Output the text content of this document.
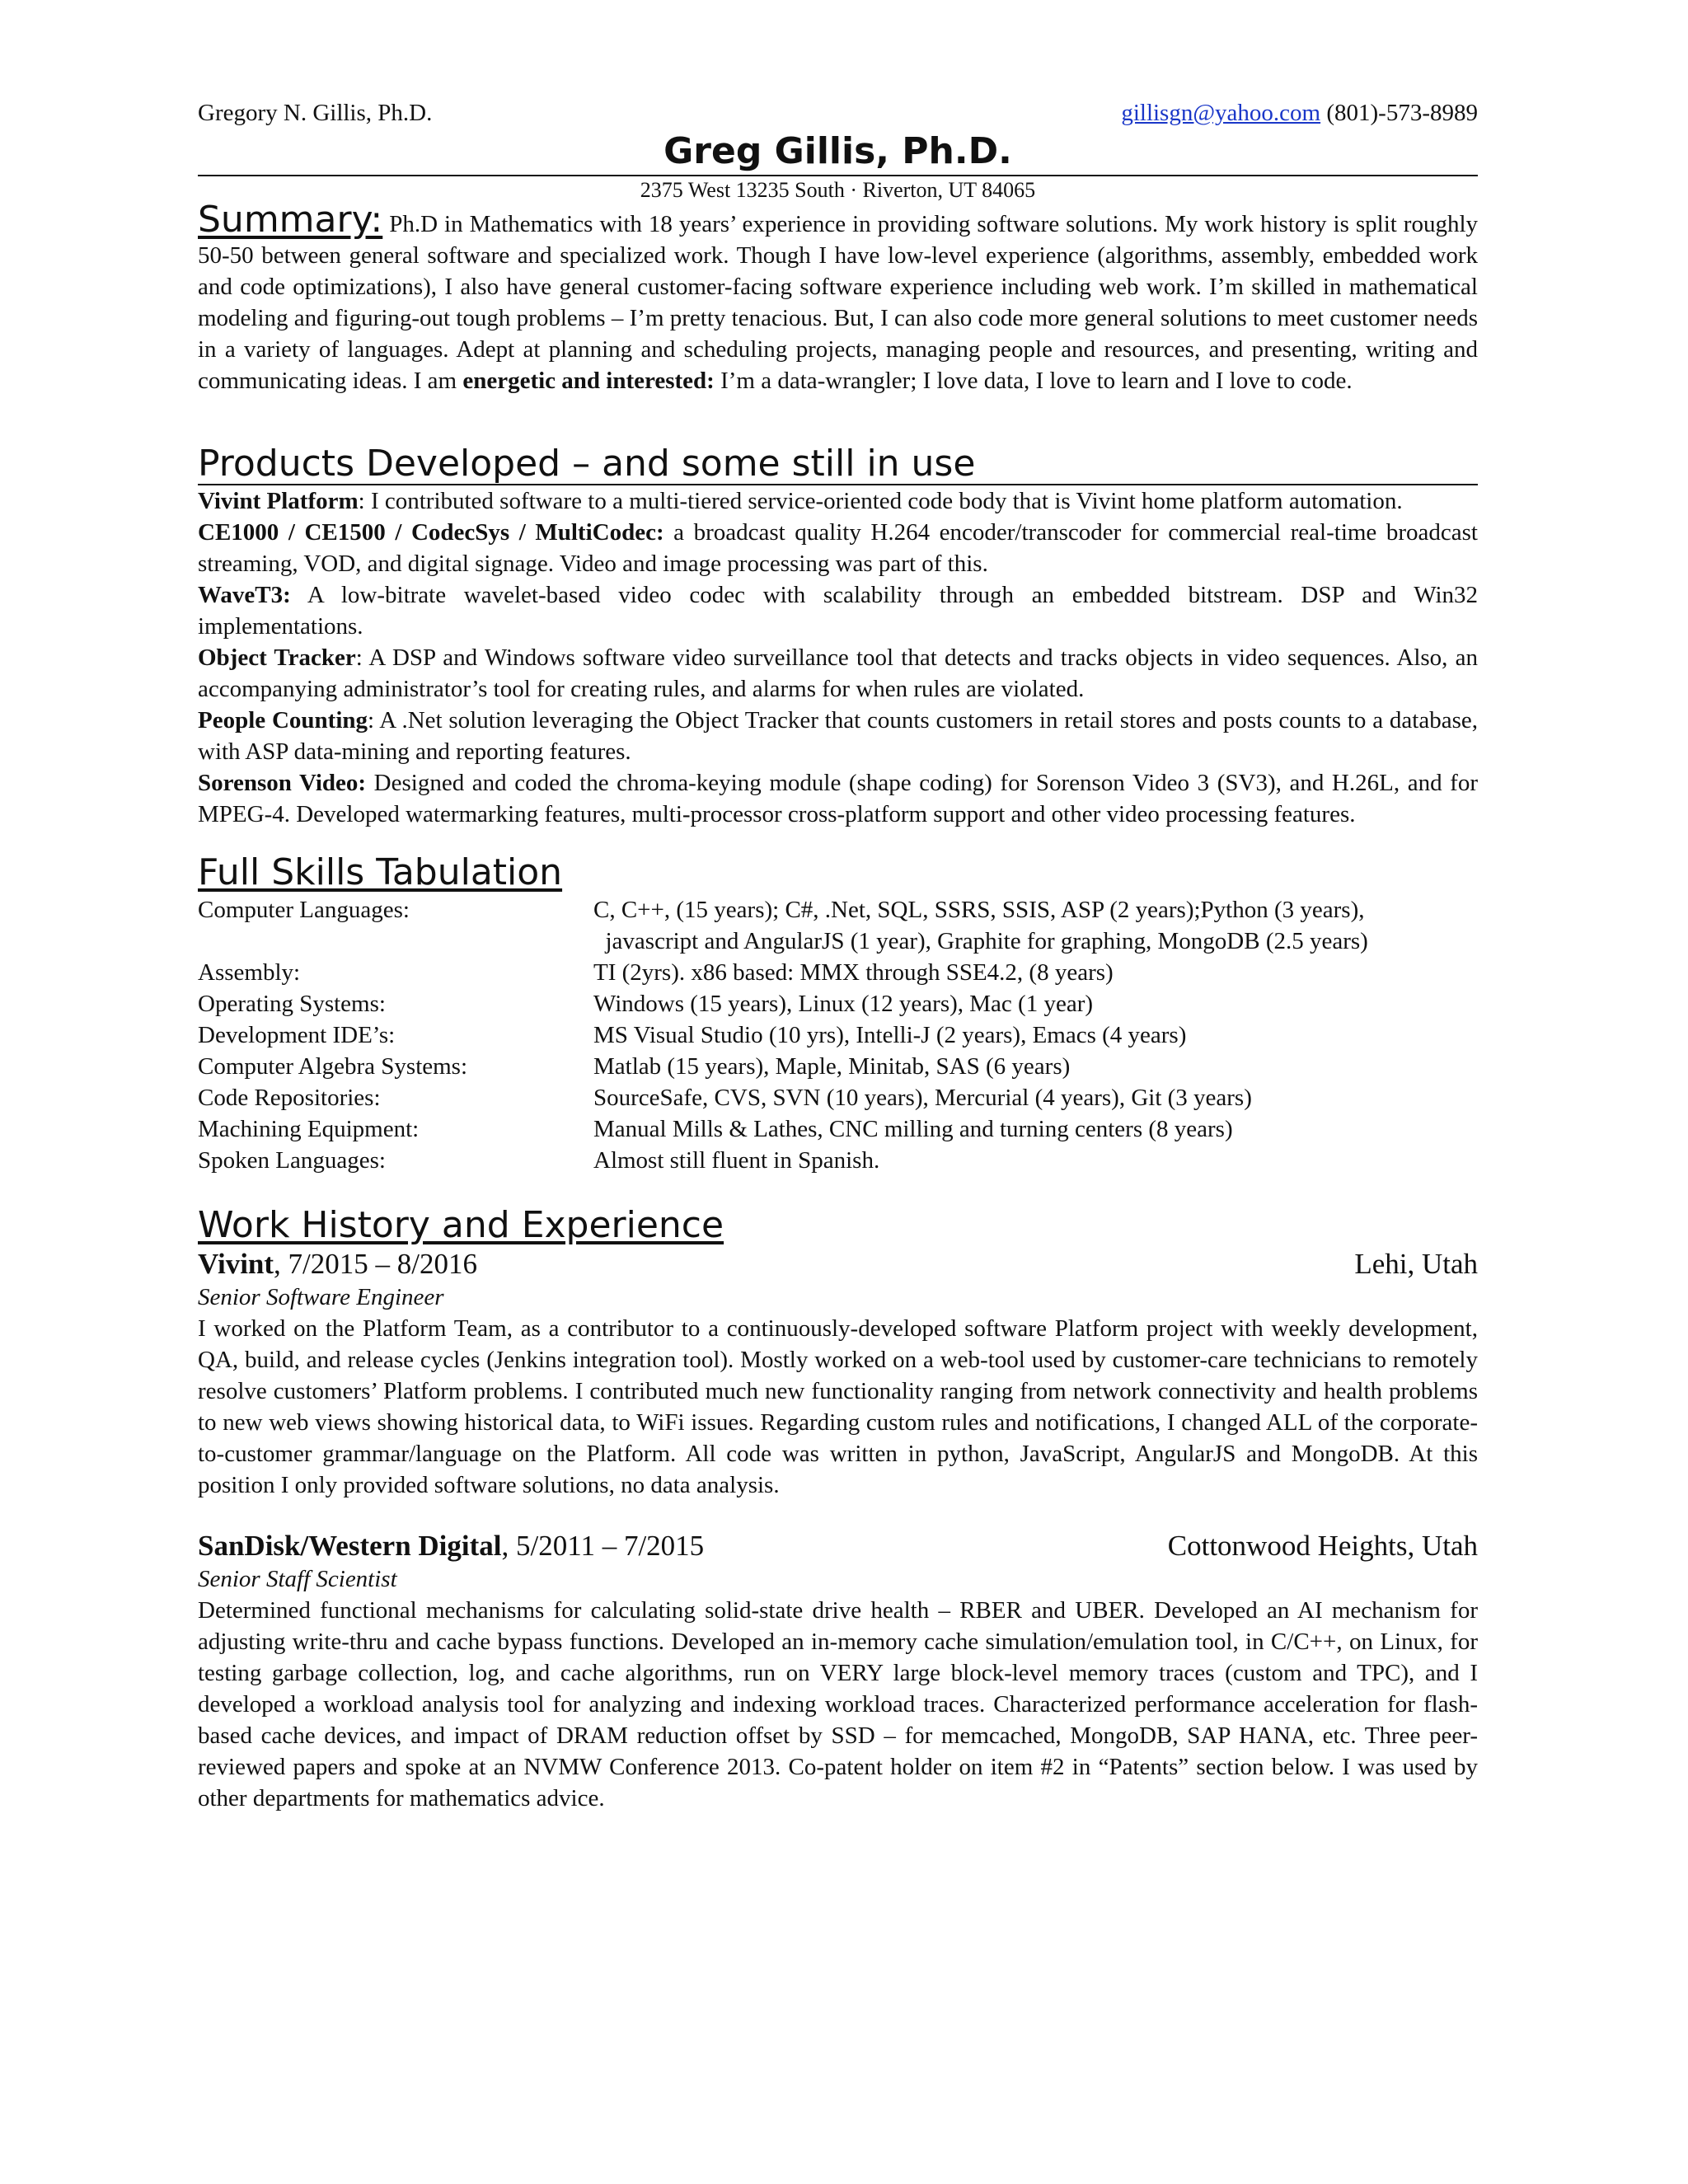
Gregory N. Gillis, Ph.D.	gillisgn@yahoo.com (801)-573-8989
Greg Gillis, Ph.D.
2375 West 13235 South · Riverton, UT 84065
Summary: Ph.D in Mathematics with 18 years’ experience in providing software solutions. My work history is split roughly 50-50 between general software and specialized work. Though I have low-level experience (algorithms, assembly, embedded work and code optimizations), I also have general customer-facing software experience including web work. I’m skilled in mathematical modeling and figuring-out tough problems – I’m pretty tenacious. But, I can also code more general solutions to meet customer needs in a variety of languages. Adept at planning and scheduling projects, managing people and resources, and presenting, writing and communicating ideas. I am energetic and interested: I’m a data-wrangler; I love data, I love to learn and I love to code.
Products Developed – and some still in use
Vivint Platform: I contributed software to a multi-tiered service-oriented code body that is Vivint home platform automation.
CE1000 / CE1500 / CodecSys / MultiCodec: a broadcast quality H.264 encoder/transcoder for commercial real-time broadcast streaming, VOD, and digital signage. Video and image processing was part of this.
WaveT3: A low-bitrate wavelet-based video codec with scalability through an embedded bitstream. DSP and Win32 implementations.
Object Tracker: A DSP and Windows software video surveillance tool that detects and tracks objects in video sequences. Also, an accompanying administrator’s tool for creating rules, and alarms for when rules are violated.
People Counting: A .Net solution leveraging the Object Tracker that counts customers in retail stores and posts counts to a database, with ASP data-mining and reporting features.
Sorenson Video: Designed and coded the chroma-keying module (shape coding) for Sorenson Video 3 (SV3), and H.26L, and for MPEG-4. Developed watermarking features, multi-processor cross-platform support and other video processing features.
Full Skills Tabulation
Computer Languages:	C, C++, (15 years); C#, .Net, SQL, SSRS, SSIS, ASP (2 years);Python (3 years),
javascript and AngularJS (1 year), Graphite for graphing, MongoDB (2.5 years)
Assembly:	TI (2yrs). x86 based: MMX through SSE4.2, (8 years)
Operating Systems:	Windows (15 years), Linux (12 years), Mac (1 year)
Development IDE’s:	MS Visual Studio (10 yrs), Intelli-J (2 years), Emacs (4 years)
Computer Algebra Systems:	Matlab (15 years), Maple, Minitab, SAS (6 years)
Code Repositories:	SourceSafe, CVS, SVN (10 years), Mercurial (4 years), Git (3 years)
Machining Equipment:	Manual Mills & Lathes, CNC milling and turning centers (8 years)
Spoken Languages:	Almost still fluent in Spanish.
Work History and Experience
Vivint, 7/2015 – 8/2016	Lehi, Utah
Senior Software Engineer
I worked on the Platform Team, as a contributor to a continuously-developed software Platform project with weekly development, QA, build, and release cycles (Jenkins integration tool). Mostly worked on a web-tool used by customer-care technicians to remotely resolve customers’ Platform problems. I contributed much new functionality ranging from network connectivity and health problems to new web views showing historical data, to WiFi issues. Regarding custom rules and notifications, I changed ALL of the corporate-to-customer grammar/language on the Platform. All code was written in python, JavaScript, AngularJS and MongoDB. At this position I only provided software solutions, no data analysis.
SanDisk/Western Digital, 5/2011 – 7/2015	Cottonwood Heights, Utah
Senior Staff Scientist
Determined functional mechanisms for calculating solid-state drive health – RBER and UBER. Developed an AI mechanism for adjusting write-thru and cache bypass functions. Developed an in-memory cache simulation/emulation tool, in C/C++, on Linux, for testing garbage collection, log, and cache algorithms, run on VERY large block-level memory traces (custom and TPC), and I developed a workload analysis tool for analyzing and indexing workload traces. Characterized performance acceleration for flash-based cache devices, and impact of DRAM reduction offset by SSD – for memcached, MongoDB, SAP HANA, etc. Three peer-reviewed papers and spoke at an NVMW Conference 2013. Co-patent holder on item #2 in “Patents” section below. I was used by other departments for mathematics advice.
